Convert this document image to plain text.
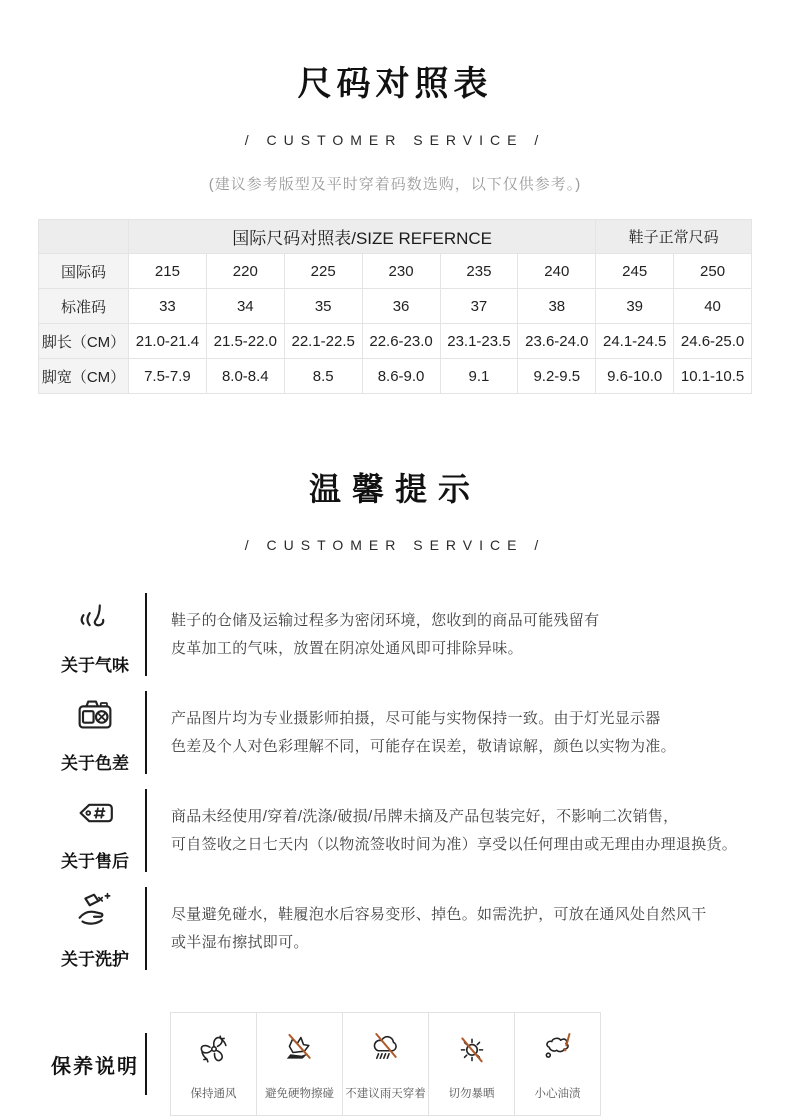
尺码对照表
/ CUSTOMER SERVICE /
(建议参考版型及平时穿着码数选购，以下仅供参考。)
	国际尺码对照表/SIZE REFERNCE						鞋子正常尺码	
国际码	215	220	225	230	235	240	245	250
标准码	33	34	35	36	37	38	39	40
脚长（CM）	21.0-21.4	21.5-22.0	22.1-22.5	22.6-23.0	23.1-23.5	23.6-24.0	24.1-24.5	24.6-25.0
脚宽（CM）	7.5-7.9	8.0-8.4	8.5	8.6-9.0	9.1	9.2-9.5	9.6-10.0	10.1-10.5
温馨提示
/ CUSTOMER SERVICE /
关于气味
鞋子的仓储及运输过程多为密闭环境，您收到的商品可能残留有
皮革加工的气味，放置在阴凉处通风即可排除异味。
关于色差
产品图片均为专业摄影师拍摄，尽可能与实物保持一致。由于灯光显示器
色差及个人对色彩理解不同，可能存在误差，敬请谅解，颜色以实物为准。
关于售后
商品未经使用/穿着/洗涤/破损/吊牌未摘及产品包装完好，不影响二次销售，
可自签收之日七天内（以物流签收时间为准）享受以任何理由或无理由办理退换货。
关于洗护
尽量避免碰水，鞋履泡水后容易变形、掉色。如需洗护，可放在通风处自然风干
或半湿布擦拭即可。
保养说明
保持通风 避免硬物擦碰 不建议雨天穿着 切勿暴晒	小心油渍
